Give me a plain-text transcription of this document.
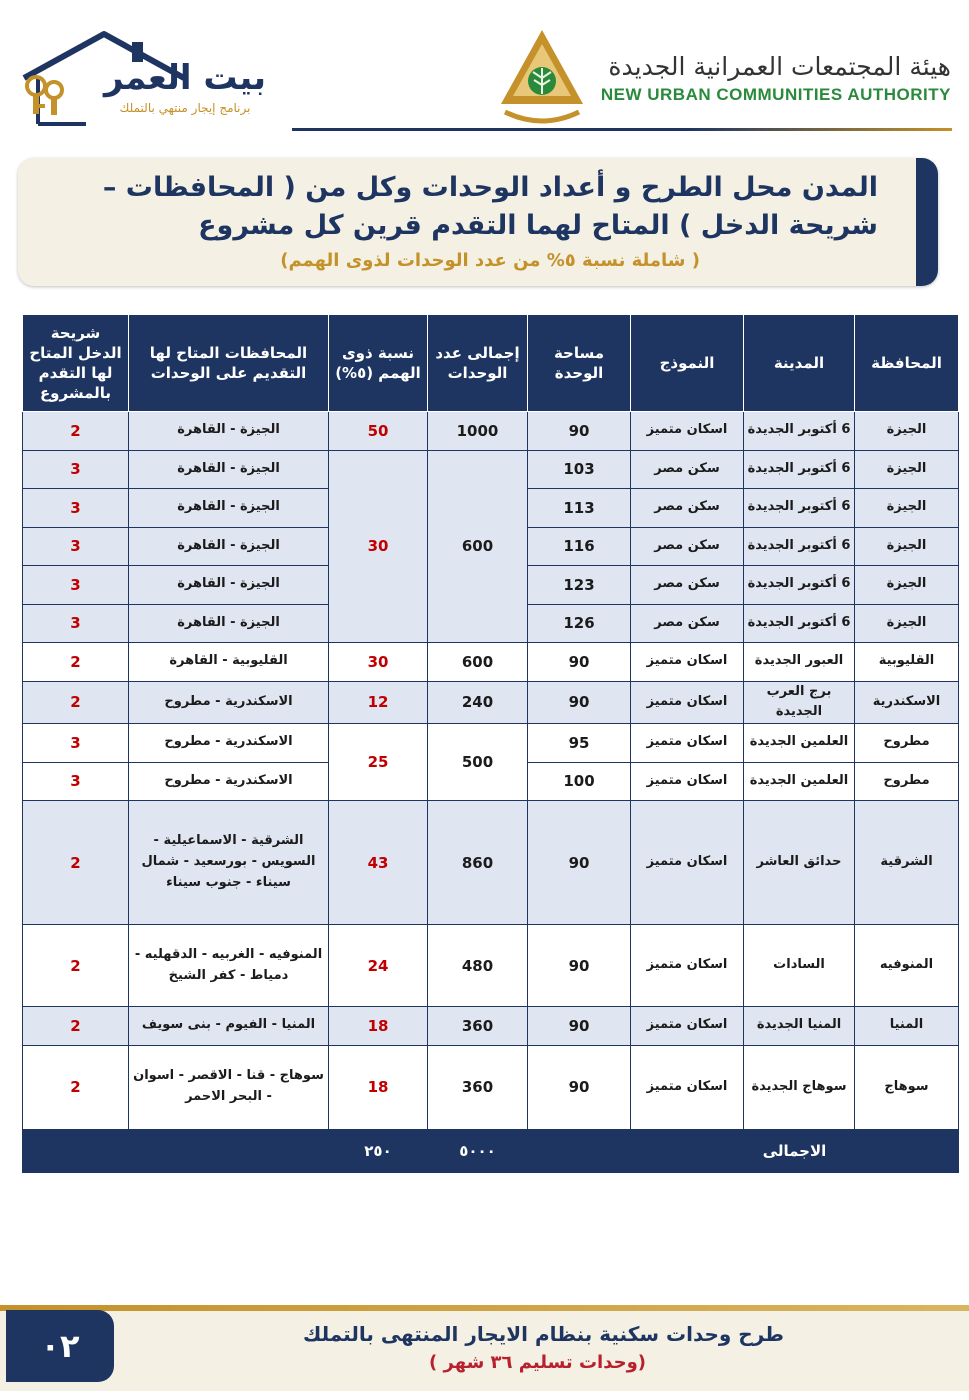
هيئة المجتمعات العمرانية الجديدة
NEW URBAN COMMUNITIES AUTHORITY
بيت العمر
برنامج إيجار منتهي بالتملك
المدن محل الطرح و أعداد الوحدات وكل من ( المحافظات –
شريحة الدخل ) المتاح لهما التقدم قرين كل مشروع
( شاملة نسبة ٥% من عدد الوحدات لذوى الهمم)
المحافظة	المدينة	النموذج	مساحة الوحدة	إجمالى عدد الوحدات	نسبة ذوى الهمم (٥%)	المحافظات المتاح لها التقديم على الوحدات	شريحة الدخل المتاح لها التقدم بالمشروع
الجيزة	6 أكتوبر الجديدة	اسكان متميز	90	1000	50	الجيزة - القاهرة	2
الجيزة	6 أكتوبر الجديدة	سكن مصر	103	600	30	الجيزة - القاهرة	3
الجيزة	6 أكتوبر الجديدة	سكن مصر	113			الجيزة - القاهرة	3
الجيزة	6 أكتوبر الجديدة	سكن مصر	116			الجيزة - القاهرة	3
الجيزة	6 أكتوبر الجديدة	سكن مصر	123			الجيزة - القاهرة	3
الجيزة	6 أكتوبر الجديدة	سكن مصر	126			الجيزة - القاهرة	3
القليوبية	العبور الجديدة	اسكان متميز	90	600	30	القليوبية - القاهرة	2
الاسكندرية	برج العرب الجديدة	اسكان متميز	90	240	12	الاسكندرية - مطروح	2
مطروح	العلمين الجديدة	اسكان متميز	95	500	25	الاسكندرية - مطروح	3
مطروح	العلمين الجديدة	اسكان متميز	100			الاسكندرية - مطروح	3
الشرقية	حدائق العاشر	اسكان متميز	90	860	43	الشرقية - الاسماعيلية - السويس - بورسعيد - شمال سيناء - جنوب سيناء	2
المنوفيه	السادات	اسكان متميز	90	480	24	المنوفيه - الغربيه - الدقهليه - دمياط - كفر الشيخ	2
المنيا	المنيا الجديدة	اسكان متميز	90	360	18	المنيا - الفيوم - بنى سويف	2
سوهاج	سوهاج الجديدة	اسكان متميز	90	360	18	سوهاج - قنا - الاقصر - اسوان - البحر الاحمر	2
الاجمالى				٥٠٠٠	٢٥٠		
٠٢	طرح وحدات سكنية بنظام الايجار المنتهى بالتملك
(وحدات تسليم ٣٦ شهر )
